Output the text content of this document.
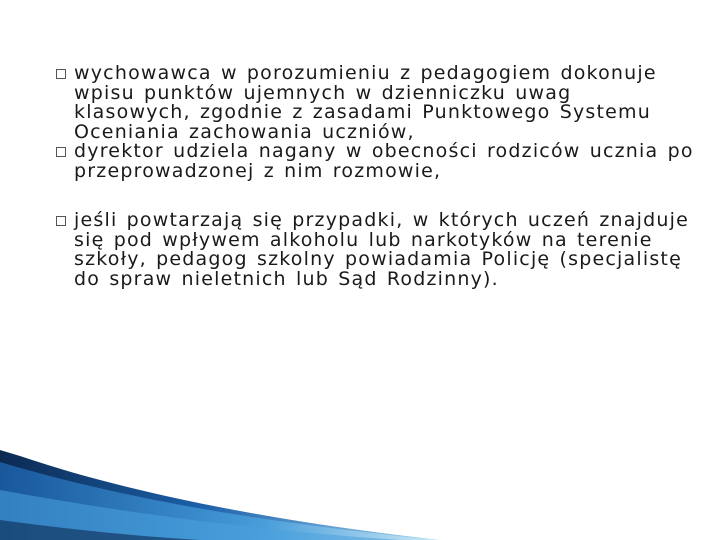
wychowawca w porozumieniu z pedagogiem dokonuje wpisu punktów ujemnych w dzienniczku uwag klasowych, zgodnie z zasadami Punktowego Systemu Oceniania zachowania uczniów,
dyrektor udziela nagany w obecności rodziców ucznia po przeprowadzonej z nim rozmowie,
jeśli powtarzają się przypadki, w których uczeń znajduje się pod wpływem alkoholu lub narkotyków na terenie szkoły, pedagog szkolny powiadamia Policję (specjalistę do spraw nieletnich lub Sąd Rodzinny).
